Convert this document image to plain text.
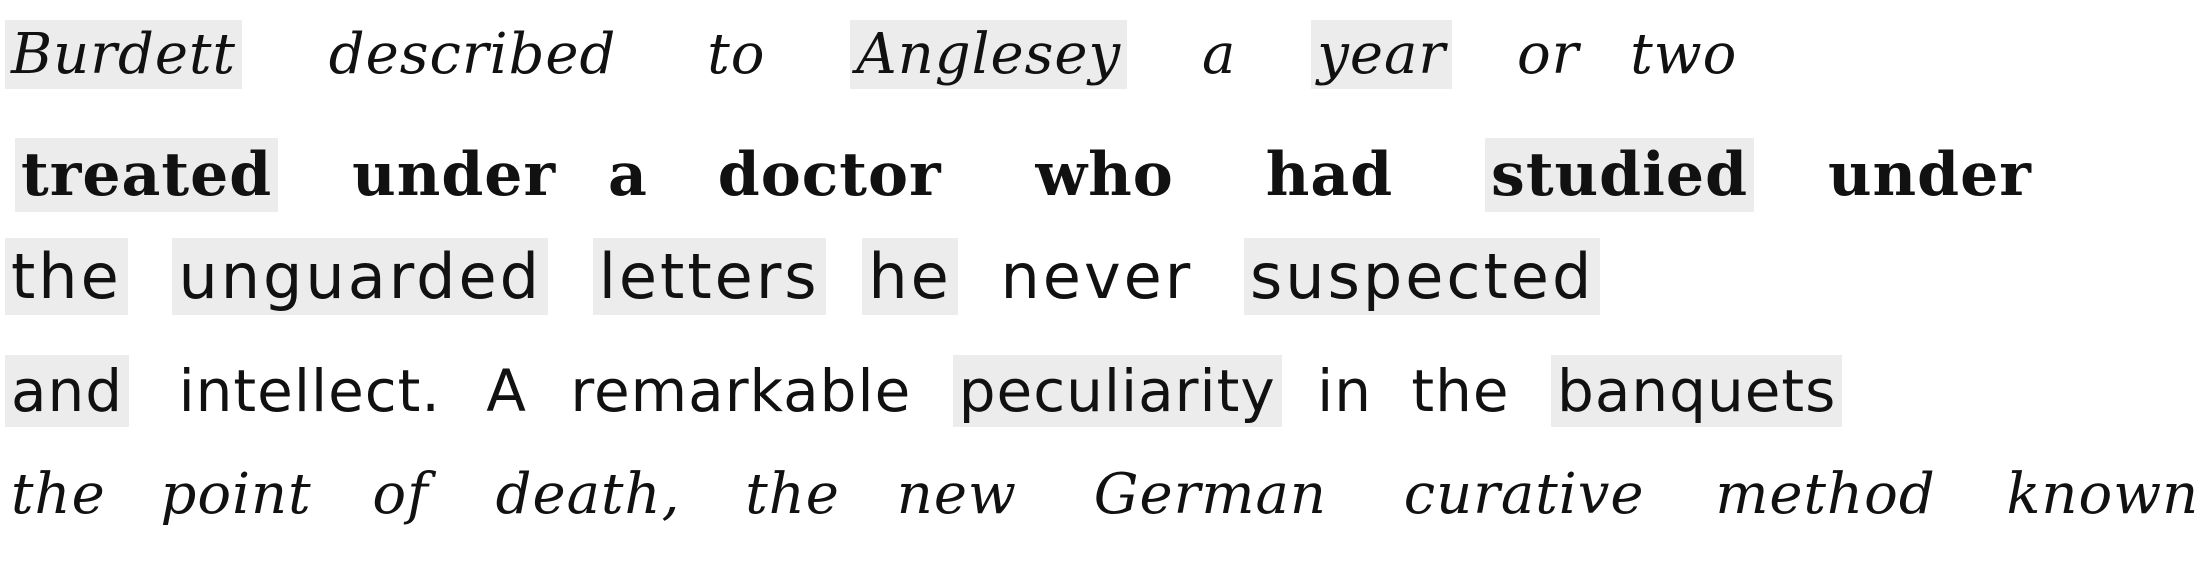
Burdett described to Anglesey a year or two
treated under a doctor who had studied under
the unguarded letters he never suspected
and intellect. A remarkable peculiarity in the banquets
the point of death, the new German curative method known
